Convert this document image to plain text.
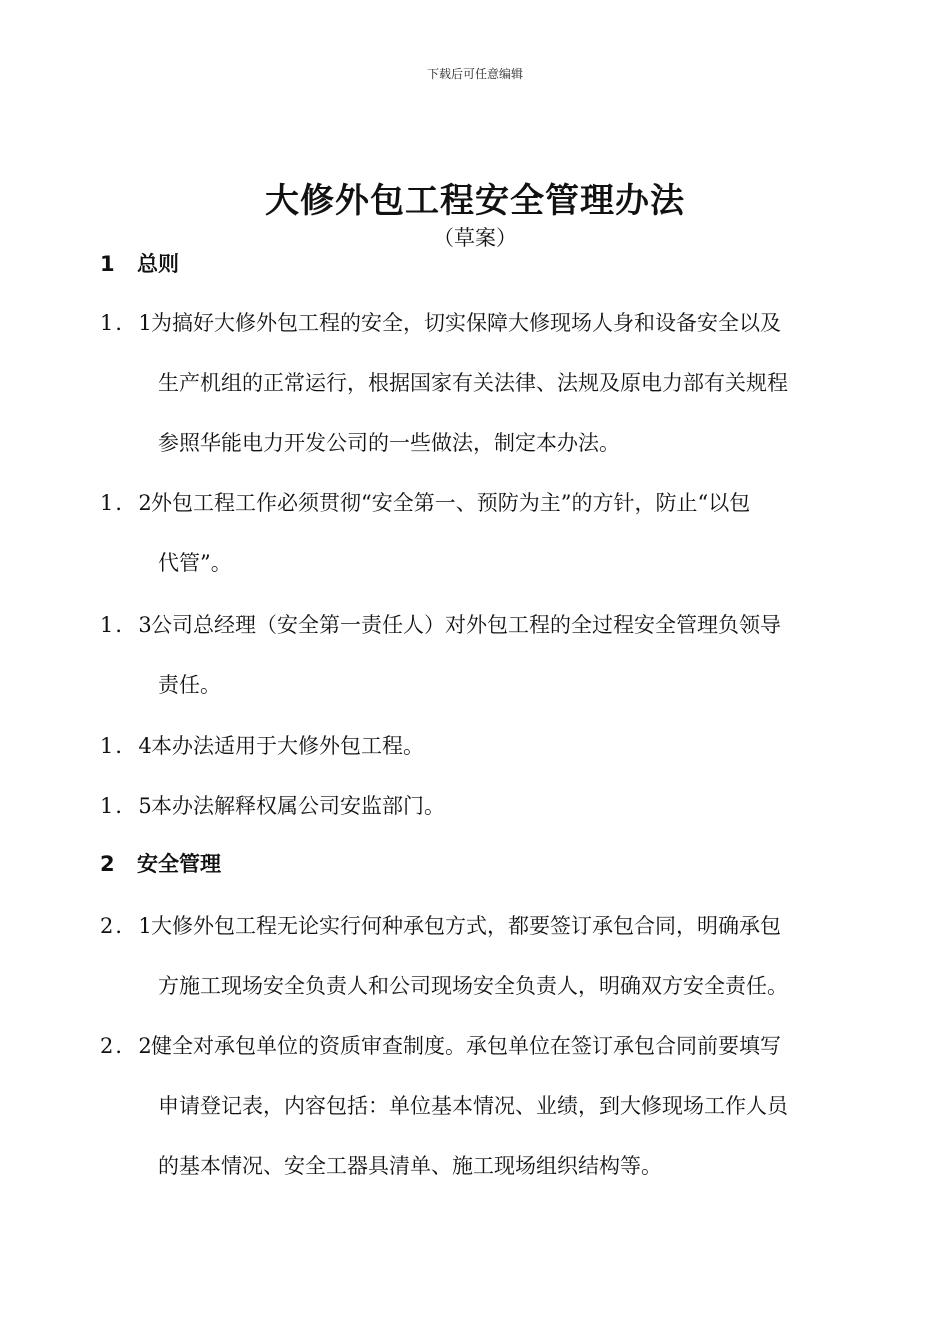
下载后可任意编辑
大修外包工程安全管理办法
（草案）
1 总则
1．1为搞好大修外包工程的安全，切实保障大修现场人身和设备安全以及
生产机组的正常运行，根据国家有关法律、法规及原电力部有关规程
参照华能电力开发公司的一些做法，制定本办法。
1．2外包工程工作必须贯彻“安全第一、预防为主”的方针，防止“以包
代管”。
1．3公司总经理（安全第一责任人）对外包工程的全过程安全管理负领导
责任。
1．4本办法适用于大修外包工程。
1．5本办法解释权属公司安监部门。
2 安全管理
2．1大修外包工程无论实行何种承包方式，都要签订承包合同，明确承包
方施工现场安全负责人和公司现场安全负责人，明确双方安全责任。
2．2健全对承包单位的资质审查制度。承包单位在签订承包合同前要填写
申请登记表，内容包括：单位基本情况、业绩，到大修现场工作人员
的基本情况、安全工器具清单、施工现场组织结构等。
